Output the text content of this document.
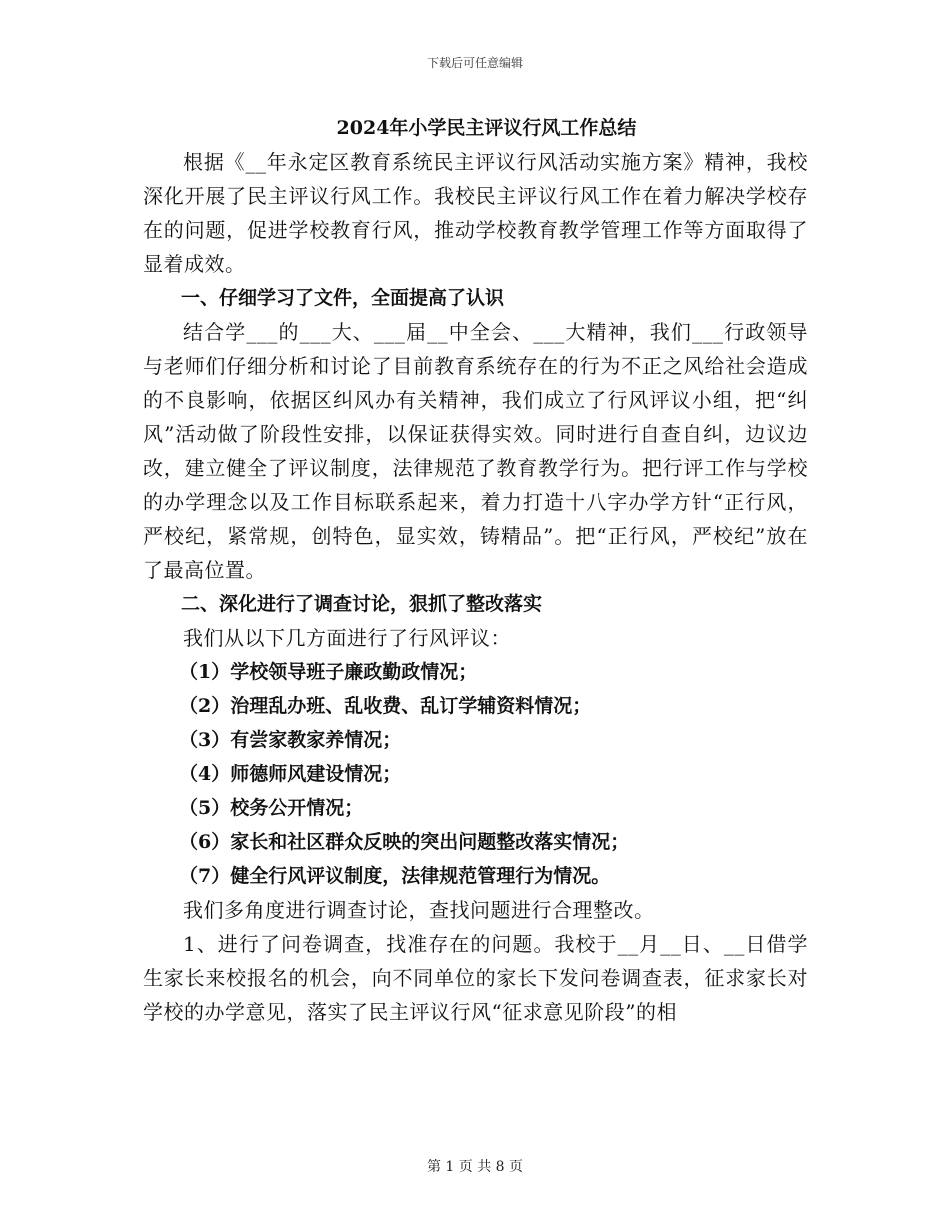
下载后可任意编辑

2024年小学民主评议行风工作总结

根据《__年永定区教育系统民主评议行风活动实施方案》精神，我校深化开展了民主评议行风工作。我校民主评议行风工作在着力解决学校存在的问题，促进学校教育行风，推动学校教育教学管理工作等方面取得了显着成效。

一、仔细学习了文件，全面提高了认识

结合学___的___大、___届__中全会、___大精神，我们___行政领导与老师们仔细分析和讨论了目前教育系统存在的行为不正之风给社会造成的不良影响，依据区纠风办有关精神，我们成立了行风评议小组，把“纠风”活动做了阶段性安排，以保证获得实效。同时进行自查自纠，边议边改，建立健全了评议制度，法律规范了教育教学行为。把行评工作与学校的办学理念以及工作目标联系起来，着力打造十八字办学方针“正行风，严校纪，紧常规，创特色，显实效，铸精品”。把“正行风，严校纪”放在了最高位置。

二、深化进行了调查讨论，狠抓了整改落实

我们从以下几方面进行了行风评议：

（1）学校领导班子廉政勤政情况；

（2）治理乱办班、乱收费、乱订学辅资料情况；

（3）有尝家教家养情况；

（4）师德师风建设情况；

（5）校务公开情况；

（6）家长和社区群众反映的突出问题整改落实情况；

（7）健全行风评议制度，法律规范管理行为情况。

我们多角度进行调查讨论，查找问题进行合理整改。

1、进行了问卷调查，找准存在的问题。我校于__月__日、__日借学生家长来校报名的机会，向不同单位的家长下发问卷调查表，征求家长对学校的办学意见，落实了民主评议行风“征求意见阶段”的相

第 1 页 共 8 页
